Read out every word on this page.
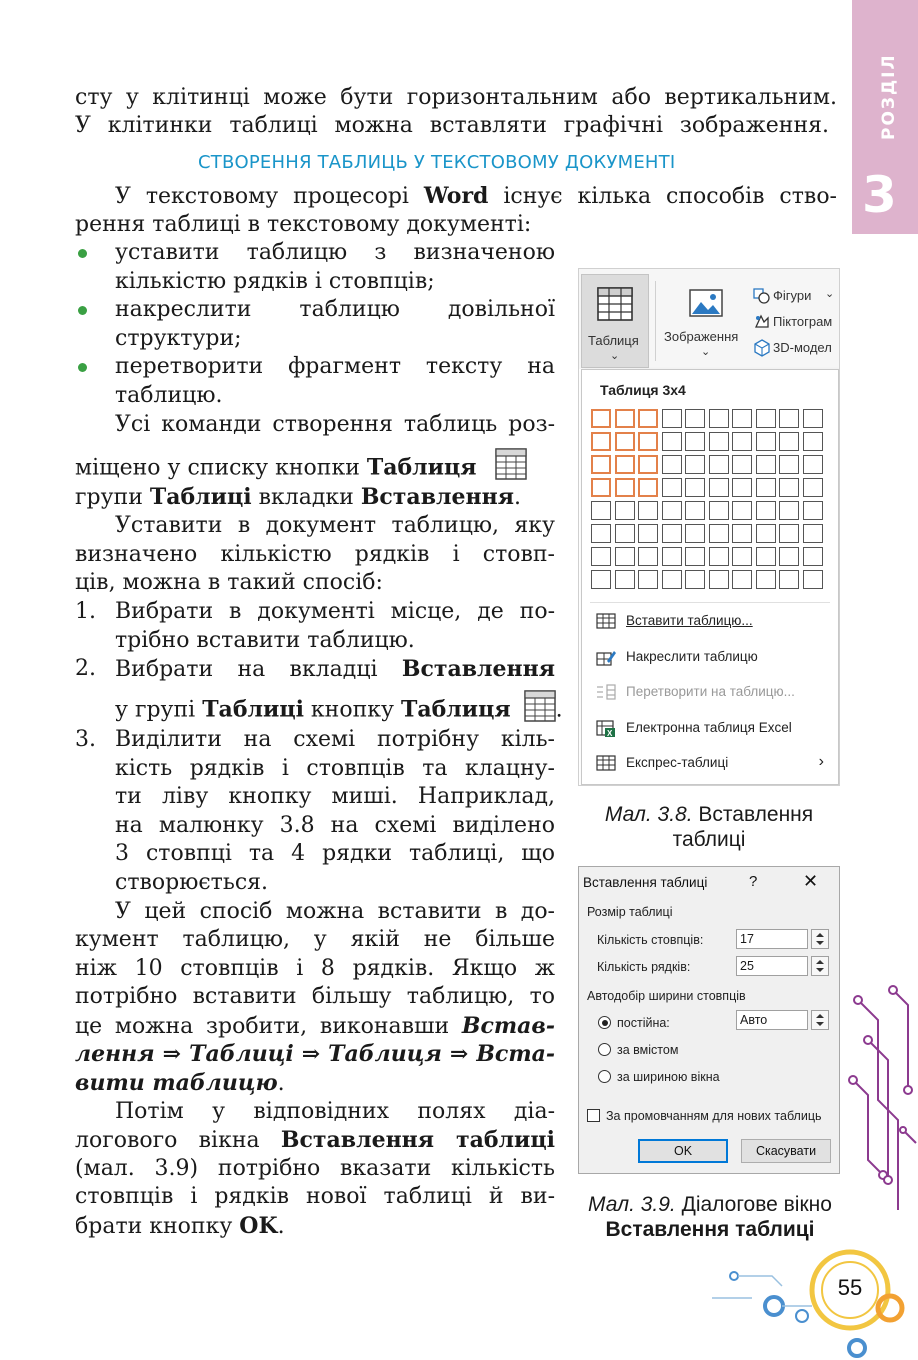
РОЗДІЛ
3
сту у клітинці може бути горизонтальним або вертикальним.
У клітинки таблиці можна вставляти графічні зображення.
СТВОРЕННЯ ТАБЛИЦЬ У ТЕКСТОВОМУ ДОКУМЕНТІ
У текстовому процесорі Word існує кілька способів ство-
рення таблиці в текстовому документі:
уставити таблицю з визначеною
кількістю рядків і стовпців;
накреслити таблицю довільної
структури;
перетворити фрагмент тексту на
таблицю.
Усі команди створення таблиць роз-
міщено у списку кнопки Таблиця
групи Таблиці вкладки Вставлення.
Уставити в документ таблицю, яку
визначено кількістю рядків і стовп-
ців, можна в такий спосіб:
1. Вибрати в документі місце, де по-
трібно вставити таблицю.
2. Вибрати на вкладці Вставлення
у групі Таблиці кнопку Таблиця .
3. Виділити на схемі потрібну кіль-
кість рядків і стовпців та клацну-
ти ліву кнопку миші. Наприклад,
на малюнку 3.8 на схемі виділено
3 стовпці та 4 рядки таблиці, що
створюється.
У цей спосіб можна вставити в до-
кумент таблицю, у якій не більше
ніж 10 стовпців і 8 рядків. Якщо ж
потрібно вставити більшу таблицю, то
це можна зробити, виконавши Встав-
лення ⇒ Таблиці ⇒ Таблиця ⇒ Вста-
вити таблицю.
Потім у відповідних полях діа-
логового вікна Вставлення таблиці
(мал. 3.9) потрібно вказати кількість
стовпців і рядків нової таблиці й ви-
брати кнопку OK.
Таблиця
⌄
Зображення
⌄
Фігури ⌄
Піктограм
3D-модел
Таблиця 3x4
Вставити таблицю...
Накреслити таблицю
Перетворити на таблицю...
X Електронна таблиця Excel
Експрес-таблиці	›
Мал. 3.8. Вставлення
таблиці
Вставлення таблиці	?	✕
Розмір таблиці
Кількість стовпців:	17
Кількість рядків:	25
Автодобір ширини стовпців
постійна:	Авто
за вмістом
за шириною вікна
За промовчанням для нових таблиць
OK	Скасувати
Мал. 3.9. Діалогове вікно
Вставлення таблиці
55
